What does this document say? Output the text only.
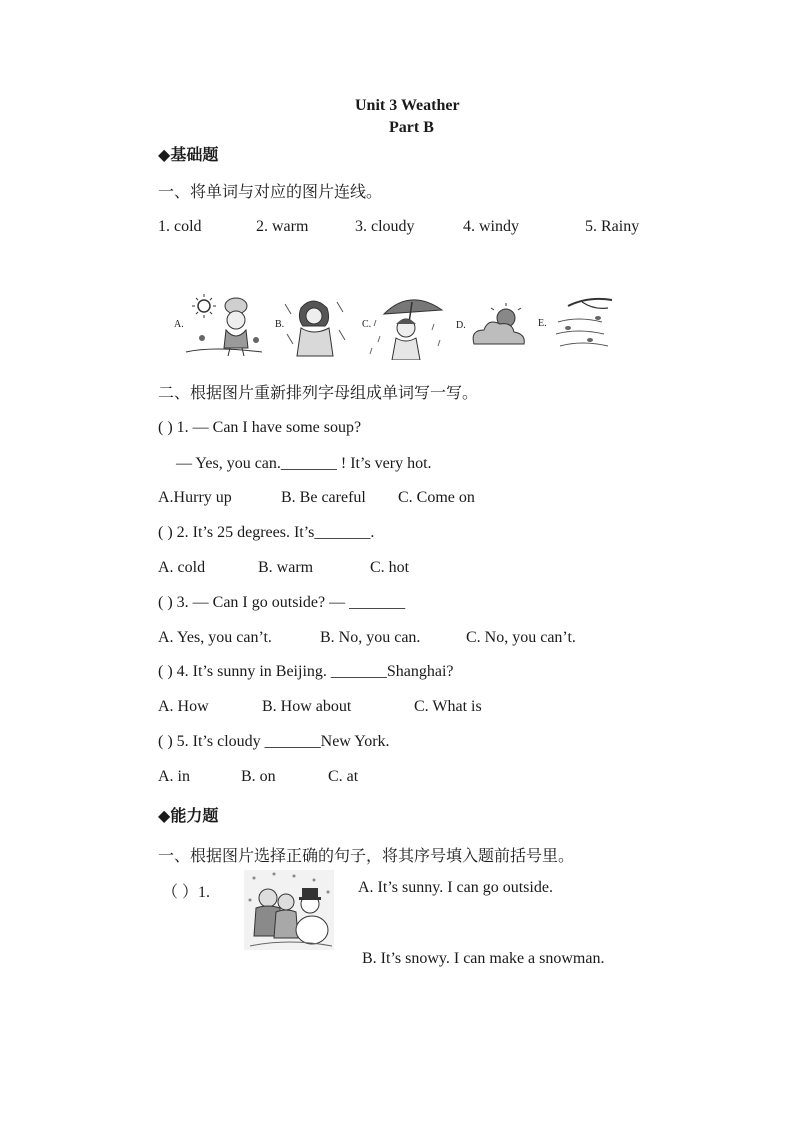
Unit 3 Weather
Part B
◆基础题
一、将单词与对应的图片连线。
1. cold	2. warm	3. cloudy	4. windy	5. Rainy
A.	B.	C.	D.	E.
二、根据图片重新排列字母组成单词写一写。
( ) 1. — Can I have some soup?
— Yes, you can._______ ! It’s very hot.
A.Hurry up	B. Be careful C. Come on
( ) 2. It’s 25 degrees. It’s_______.
A. cold	B. warm	C. hot
( ) 3. — Can I go outside? — _______
A. Yes, you can’t.	B. No, you can.	C. No, you can’t.
( ) 4. It’s sunny in Beijing. _______Shanghai?
A. How	B. How about	C. What is
( ) 5. It’s cloudy _______New York.
A. in	B. on	C. at
◆能力题
一、根据图片选择正确的句子，将其序号填入题前括号里。
（ ）1.	A. It’s sunny. I can go outside.
B. It’s snowy. I can make a snowman.
